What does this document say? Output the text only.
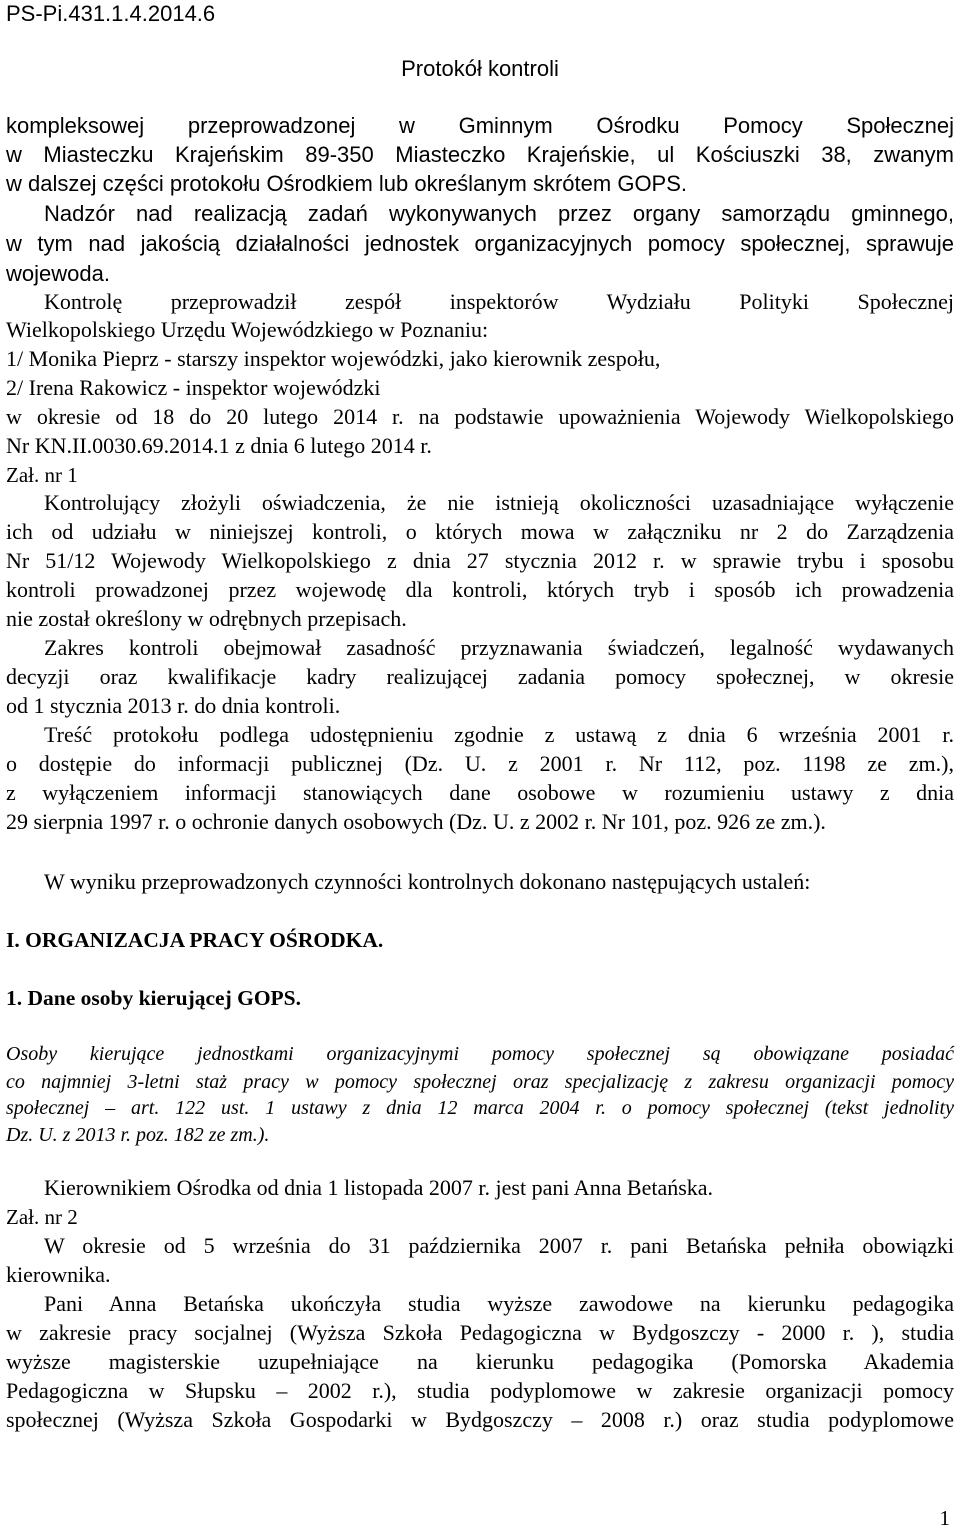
PS-Pi.431.1.4.2014.6
Protokół kontroli
kompleksowej przeprowadzonej w Gminnym Ośrodku Pomocy Społecznej
w Miasteczku Krajeńskim 89-350 Miasteczko Krajeńskie, ul Kościuszki 38, zwanym
w dalszej części protokołu Ośrodkiem lub określanym skrótem GOPS.
Nadzór nad realizacją zadań wykonywanych przez organy samorządu gminnego,
w tym nad jakością działalności jednostek organizacyjnych pomocy społecznej, sprawuje
wojewoda.
Kontrolę przeprowadził zespół inspektorów Wydziału Polityki Społecznej
Wielkopolskiego Urzędu Wojewódzkiego w Poznaniu:
1/ Monika Pieprz - starszy inspektor wojewódzki, jako kierownik zespołu,
2/ Irena Rakowicz - inspektor wojewódzki
w okresie od 18 do 20 lutego 2014 r. na podstawie upoważnienia Wojewody Wielkopolskiego
Nr KN.II.0030.69.2014.1 z dnia 6 lutego 2014 r.
Zał. nr 1
Kontrolujący złożyli oświadczenia, że nie istnieją okoliczności uzasadniające wyłączenie
ich od udziału w niniejszej kontroli, o których mowa w załączniku nr 2 do Zarządzenia
Nr 51/12 Wojewody Wielkopolskiego z dnia 27 stycznia 2012 r. w sprawie trybu i sposobu
kontroli prowadzonej przez wojewodę dla kontroli, których tryb i sposób ich prowadzenia
nie został określony w odrębnych przepisach.
Zakres kontroli obejmował zasadność przyznawania świadczeń, legalność wydawanych
decyzji oraz kwalifikacje kadry realizującej zadania pomocy społecznej, w okresie
od 1 stycznia 2013 r. do dnia kontroli.
Treść protokołu podlega udostępnieniu zgodnie z ustawą z dnia 6 września 2001 r.
o dostępie do informacji publicznej (Dz. U. z 2001 r. Nr 112, poz. 1198 ze zm.),
z wyłączeniem informacji stanowiących dane osobowe w rozumieniu ustawy z dnia
29 sierpnia 1997 r. o ochronie danych osobowych (Dz. U. z 2002 r. Nr 101, poz. 926 ze zm.).
W wyniku przeprowadzonych czynności kontrolnych dokonano następujących ustaleń:
I. ORGANIZACJA PRACY OŚRODKA.
1. Dane osoby kierującej GOPS.
Osoby kierujące jednostkami organizacyjnymi pomocy społecznej są obowiązane posiadać
co najmniej 3-letni staż pracy w pomocy społecznej oraz specjalizację z zakresu organizacji pomocy
społecznej – art. 122 ust. 1 ustawy z dnia 12 marca 2004 r. o pomocy społecznej (tekst jednolity
Dz. U. z 2013 r. poz. 182 ze zm.).
Kierownikiem Ośrodka od dnia 1 listopada 2007 r. jest pani Anna Betańska.
Zał. nr 2
W okresie od 5 września do 31 października 2007 r. pani Betańska pełniła obowiązki
kierownika.
Pani Anna Betańska ukończyła studia wyższe zawodowe na kierunku pedagogika
w zakresie pracy socjalnej (Wyższa Szkoła Pedagogiczna w Bydgoszczy - 2000 r. ), studia
wyższe magisterskie uzupełniające na kierunku pedagogika (Pomorska Akademia
Pedagogiczna w Słupsku – 2002 r.), studia podyplomowe w zakresie organizacji pomocy
społecznej (Wyższa Szkoła Gospodarki w Bydgoszczy – 2008 r.) oraz studia podyplomowe
1
